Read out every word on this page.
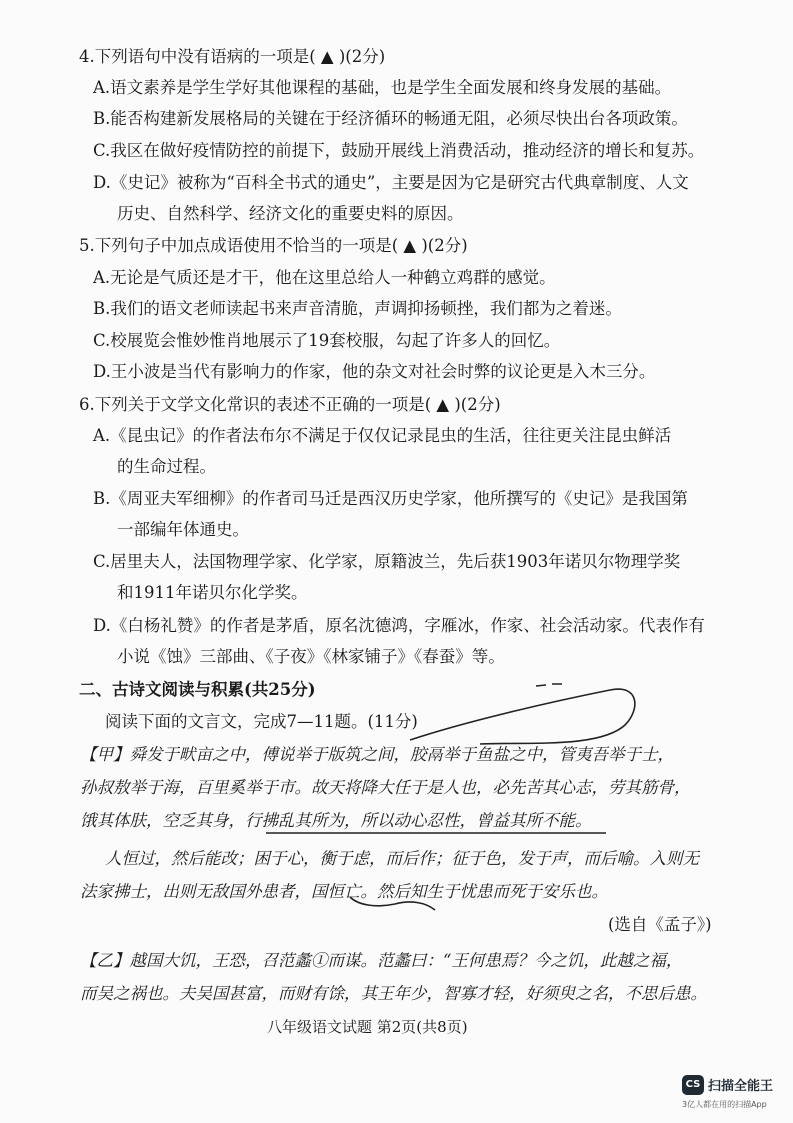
4.下列语句中没有语病的一项是( ▲ )(2分)
A.语文素养是学生学好其他课程的基础，也是学生全面发展和终身发展的基础。
B.能否构建新发展格局的关键在于经济循环的畅通无阻，必须尽快出台各项政策。
C.我区在做好疫情防控的前提下，鼓励开展线上消费活动，推动经济的增长和复苏。
D.《史记》被称为“百科全书式的通史”，主要是因为它是研究古代典章制度、人文
历史、自然科学、经济文化的重要史料的原因。
5.下列句子中加点成语使用不恰当的一项是( ▲ )(2分)
A.无论是气质还是才干，他在这里总给人一种鹤立鸡群的感觉。
B.我们的语文老师读起书来声音清脆，声调抑扬顿挫，我们都为之着迷。
C.校展览会惟妙惟肖地展示了19套校服，勾起了许多人的回忆。
D.王小波是当代有影响力的作家，他的杂文对社会时弊的议论更是入木三分。
6.下列关于文学文化常识的表述不正确的一项是( ▲ )(2分)
A.《昆虫记》的作者法布尔不满足于仅仅记录昆虫的生活，往往更关注昆虫鲜活
的生命过程。
B.《周亚夫军细柳》的作者司马迁是西汉历史学家，他所撰写的《史记》是我国第
一部编年体通史。
C.居里夫人，法国物理学家、化学家，原籍波兰，先后获1903年诺贝尔物理学奖
和1911年诺贝尔化学奖。
D.《白杨礼赞》的作者是茅盾，原名沈德鸿，字雁冰，作家、社会活动家。代表作有
小说《蚀》三部曲、《子夜》《林家铺子》《春蚕》等。
二、古诗文阅读与积累(共25分)
阅读下面的文言文，完成7—11题。(11分)
【甲】舜发于畎亩之中，傅说举于版筑之间，胶鬲举于鱼盐之中，管夷吾举于士，
孙叔敖举于海，百里奚举于市。故天将降大任于是人也，必先苦其心志，劳其筋骨，
饿其体肤，空乏其身，行拂乱其所为，所以动心忍性，曾益其所不能。
人恒过，然后能改；困于心，衡于虑，而后作；征于色，发于声，而后喻。入则无
法家拂士，出则无敌国外患者，国恒亡。然后知生于忧患而死于安乐也。
(选自《孟子》)
【乙】越国大饥，王恐，召范蠡①而谋。范蠡曰：“王何患焉？今之饥，此越之福，
而吴之祸也。夫吴国甚富，而财有馀，其王年少，智寡才轻，好须臾之名，不思后患。
八年级语文试题 第2页(共8页)
CS 扫描全能王
3亿人都在用的扫描App
